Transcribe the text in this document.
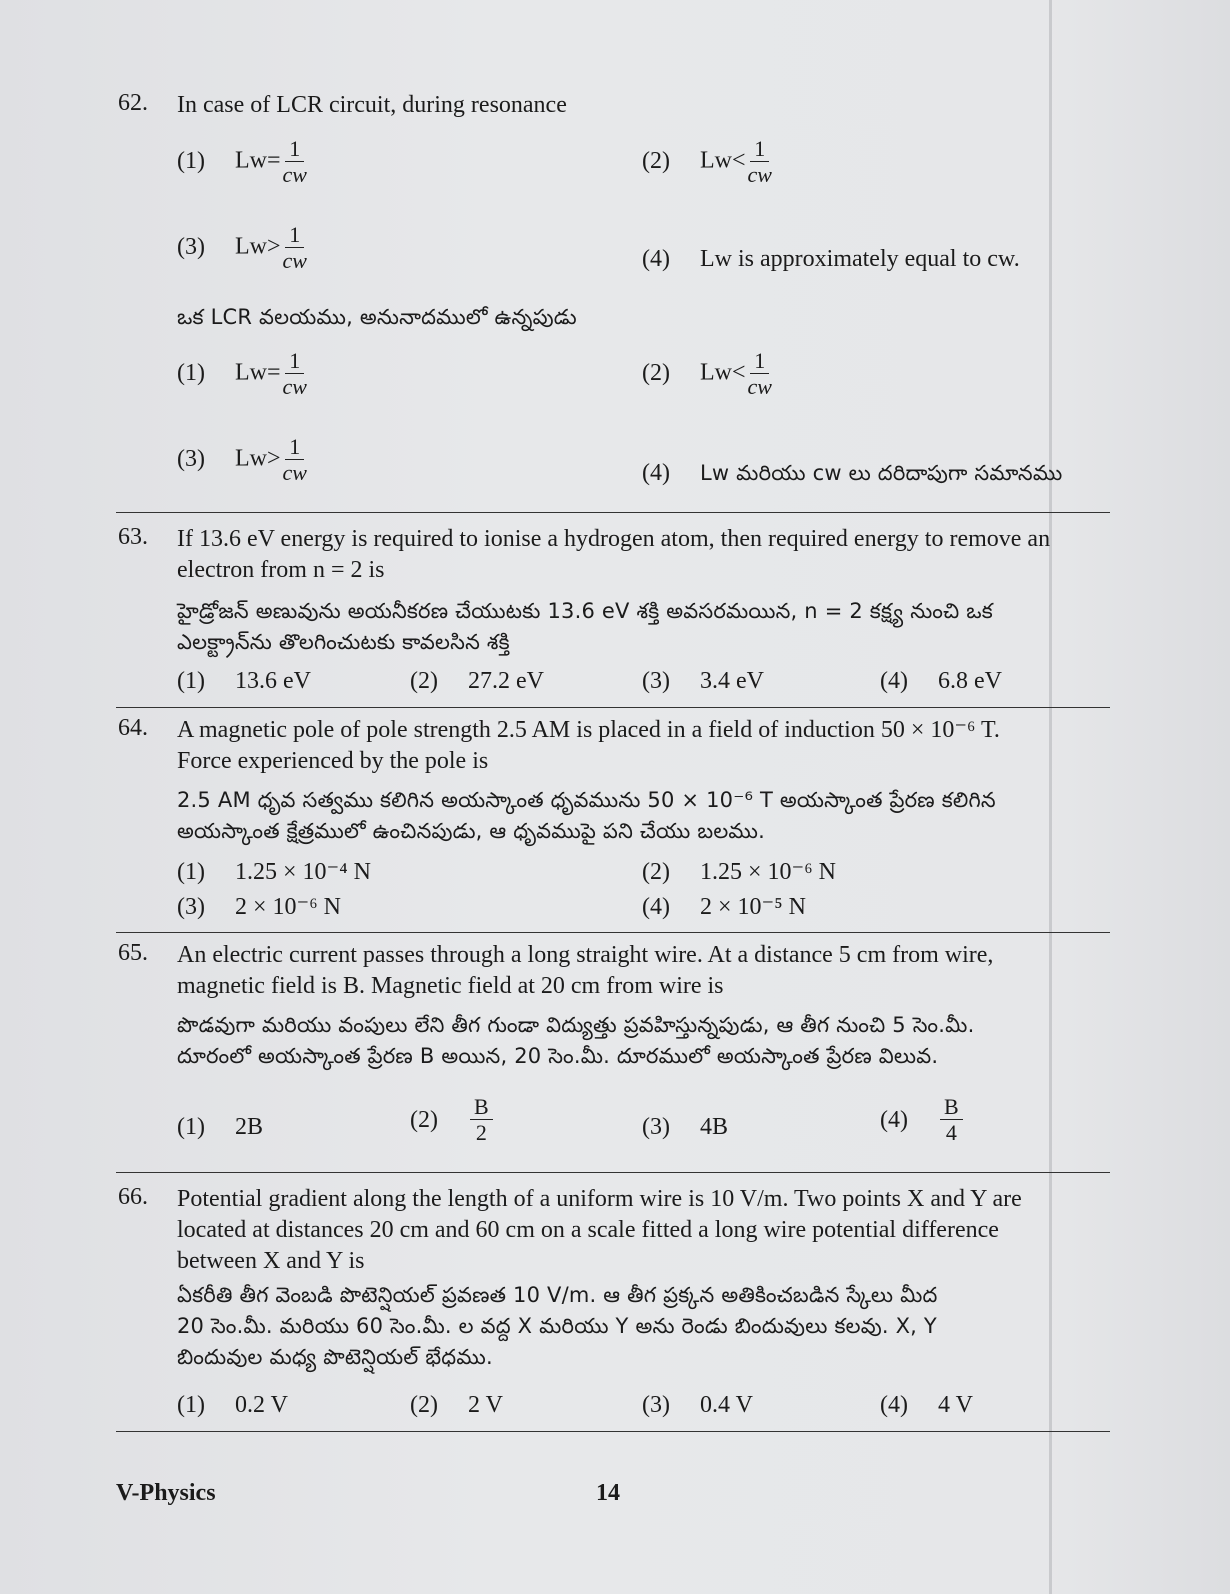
62. In case of LCR circuit, during resonance
(1) $Lw= \frac{1}{cw}$	(2) $Lw< \frac{1}{cw}$
(3) $Lw> \frac{1}{cw}$	(4) Lw is approximately equal to cw.
ఒక LCR వలయము, అనునాదములో ఉన్నపుడు
(1) $Lw= \frac{1}{cw}$	(2) $Lw< \frac{1}{cw}$
(3) $Lw> \frac{1}{cw}$	(4) Lw మరియు cw లు దరిదాపుగా సమానము
63. If 13.6 eV energy is required to ionise a hydrogen atom, then required energy to remove an
electron from n = 2 is
హైడ్రోజన్ అణువును అయనీకరణ చేయుటకు 13.6 eV శక్తి అవసరమయిన, n = 2 కక్ష్య నుంచి ఒక
ఎలక్ట్రాన్‌ను తొలగించుటకు కావలసిన శక్తి
(1) 13.6 eV	(2) 27.2 eV	(3) 3.4 eV	(4) 6.8 eV
64. A magnetic pole of pole strength 2.5 AM is placed in a field of induction 50 × 10⁻⁶ T.
Force experienced by the pole is
2.5 AM ధృవ సత్వము కలిగిన అయస్కాంత ధృవమును 50 × 10⁻⁶ T అయస్కాంత ప్రేరణ కలిగిన
అయస్కాంత క్షేత్రములో ఉంచినపుడు, ఆ ధృవముపై పని చేయు బలము.
(1) 1.25 × 10⁻⁴ N	(2) 1.25 × 10⁻⁶ N
(3) 2 × 10⁻⁶ N	(4) 2 × 10⁻⁵ N
65. An electric current passes through a long straight wire. At a distance 5 cm from wire,
magnetic field is B. Magnetic field at 20 cm from wire is
పొడవుగా మరియు వంపులు లేని తీగ గుండా విద్యుత్తు ప్రవహిస్తున్నపుడు, ఆ తీగ నుంచి 5 సెం.మీ.
దూరంలో అయస్కాంత ప్రేరణ B అయిన, 20 సెం.మీ. దూరములో అయస్కాంత ప్రేరణ విలువ.
(1) 2B	$(2) \frac{B}{2}$	(3) 4B	$(4) \frac{B}{4}$
66. Potential gradient along the length of a uniform wire is 10 V/m. Two points X and Y are
located at distances 20 cm and 60 cm on a scale fitted a long wire potential difference
between X and Y is
ఏకరీతి తీగ వెంబడి పొటెన్షియల్ ప్రవణత 10 V/m. ఆ తీగ ప్రక్కన అతికించబడిన స్కేలు మీద
20 సెం.మీ. మరియు 60 సెం.మీ. ల వద్ద X మరియు Y అను రెండు బిందువులు కలవు. X, Y
బిందువుల మధ్య పొటెన్షియల్ భేధము.
(1) 0.2 V	(2) 2 V	(3) 0.4 V	(4) 4 V
V-Physics	14
